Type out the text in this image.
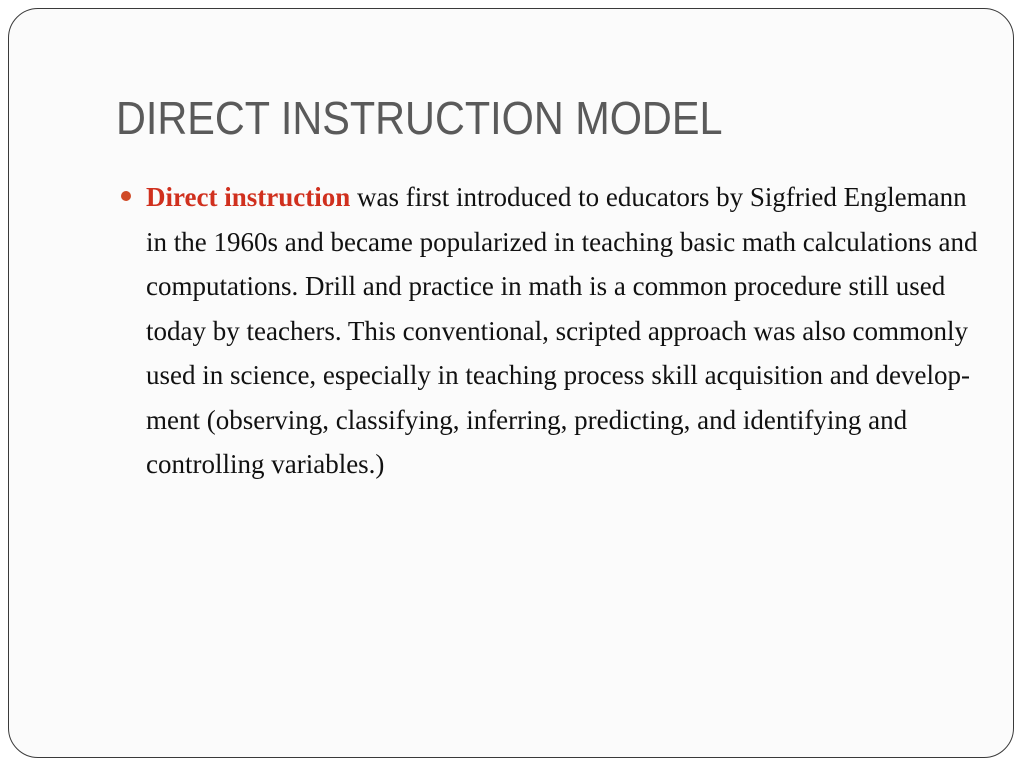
DIRECT INSTRUCTION MODEL
Direct instruction was first introduced to educators by Sigfried Englemann in the 1960s and became popularized in teaching basic math calculations and computations. Drill and practice in math is a common procedure still used today by teachers. This conventional, scripted approach was also commonly used in science, especially in teaching process skill acquisition and develop- ment (observing, classifying, inferring, predicting, and identifying and controlling variables.)
